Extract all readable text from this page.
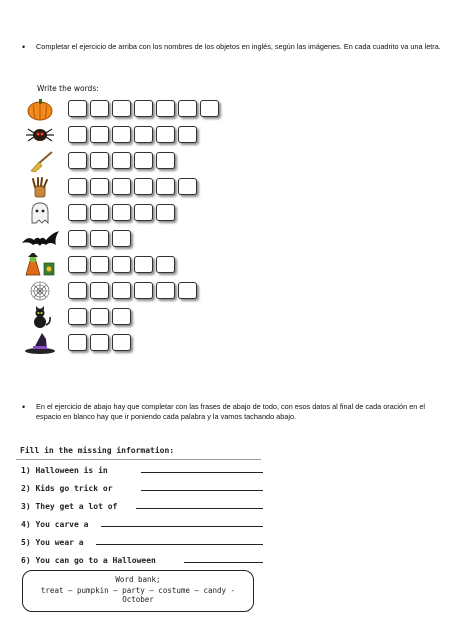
• Completar el ejercicio de arriba con los nombres de los objetos en inglés, según las imágenes. En cada cuadrito va una letra.
Write the words:
• En el ejercicio de abajo hay que completar con las frases de abajo de todo, con esos datos al final de cada oración en el espacio en blanco hay que ir poniendo cada palabra y la vamos tachando abajo.
Fill in the missing information:
1) Halloween is in
2) Kids go trick or
3) They get a lot of
4) You carve a
5) You wear a
6) You can go to a Halloween
Word bank;
treat – pumpkin – party – costume – candy - October
